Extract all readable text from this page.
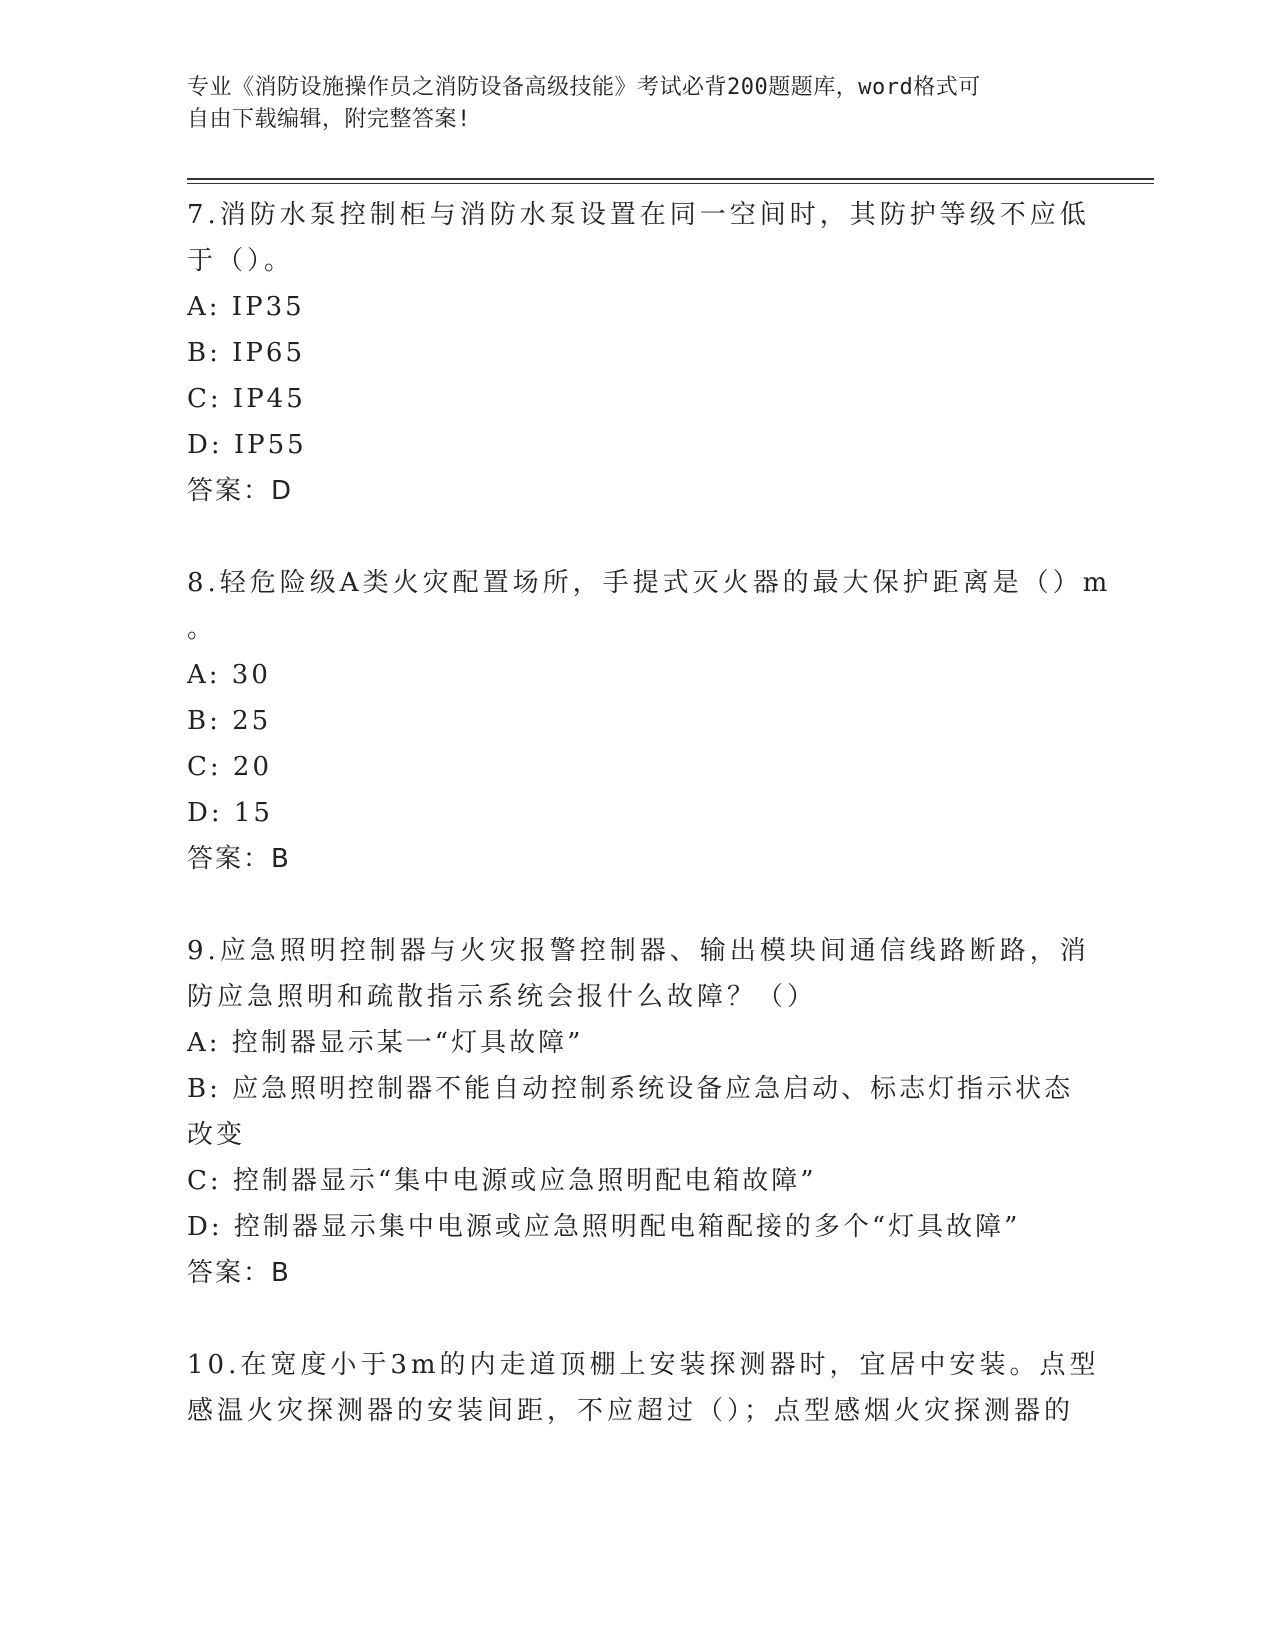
专业《消防设施操作员之消防设备高级技能》考试必背200题题库，word格式可
自由下载编辑，附完整答案!
7.消防水泵控制柜与消防水泵设置在同一空间时，其防护等级不应低
于（）。
A: IP35
B: IP65
C: IP45
D: IP55
答案：D
8.轻危险级A类火灾配置场所，手提式灭火器的最大保护距离是（）m
。
A: 30
B: 25
C: 20
D: 15
答案：B
9.应急照明控制器与火灾报警控制器、输出模块间通信线路断路，消
防应急照明和疏散指示系统会报什么故障？（）
A: 控制器显示某一“灯具故障”
B: 应急照明控制器不能自动控制系统设备应急启动、标志灯指示状态
改变
C: 控制器显示“集中电源或应急照明配电箱故障”
D: 控制器显示集中电源或应急照明配电箱配接的多个“灯具故障”
答案：B
10.在宽度小于3m的内走道顶棚上安装探测器时，宜居中安装。点型
感温火灾探测器的安装间距，不应超过（）；点型感烟火灾探测器的
